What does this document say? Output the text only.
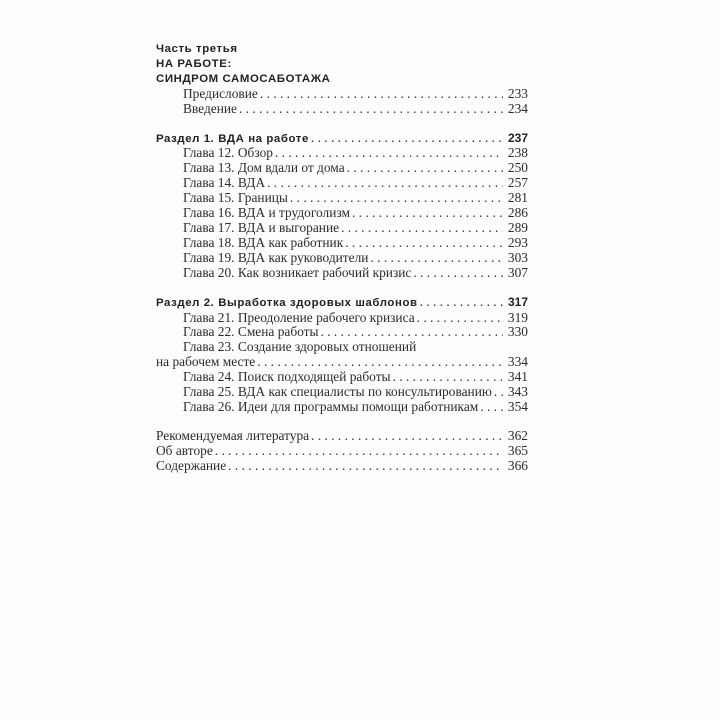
Часть третья
НА РАБОТЕ:
СИНДРОМ САМОСАБОТАЖА
Предисловие . . .	233
Введение . . .	234
Раздел 1. ВДА на работе . . .	237
Глава 12. Обзор . . .	238
Глава 13. Дом вдали от дома . . .	250
Глава 14. ВДА . . .	257
Глава 15. Границы . . .	281
Глава 16. ВДА и трудоголизм . . .	286
Глава 17. ВДА и выгорание . . .	289
Глава 18. ВДА как работник . . .	293
Глава 19. ВДА как руководители . . .	303
Глава 20. Как возникает рабочий кризис . . .	307
Раздел 2. Выработка здоровых шаблонов . . .	317
Глава 21. Преодоление рабочего кризиса . . .	319
Глава 22. Смена работы . . .	330
Глава 23. Создание здоровых отношений
на рабочем месте . . .	334
Глава 24. Поиск подходящей работы . . .	341
Глава 25. ВДА как специалисты по консультированию . . .	343
Глава 26. Идеи для программы помощи работникам . . .	354
Рекомендуемая литература . . .	362
Об авторе . . .	365
Содержание . . .	366
